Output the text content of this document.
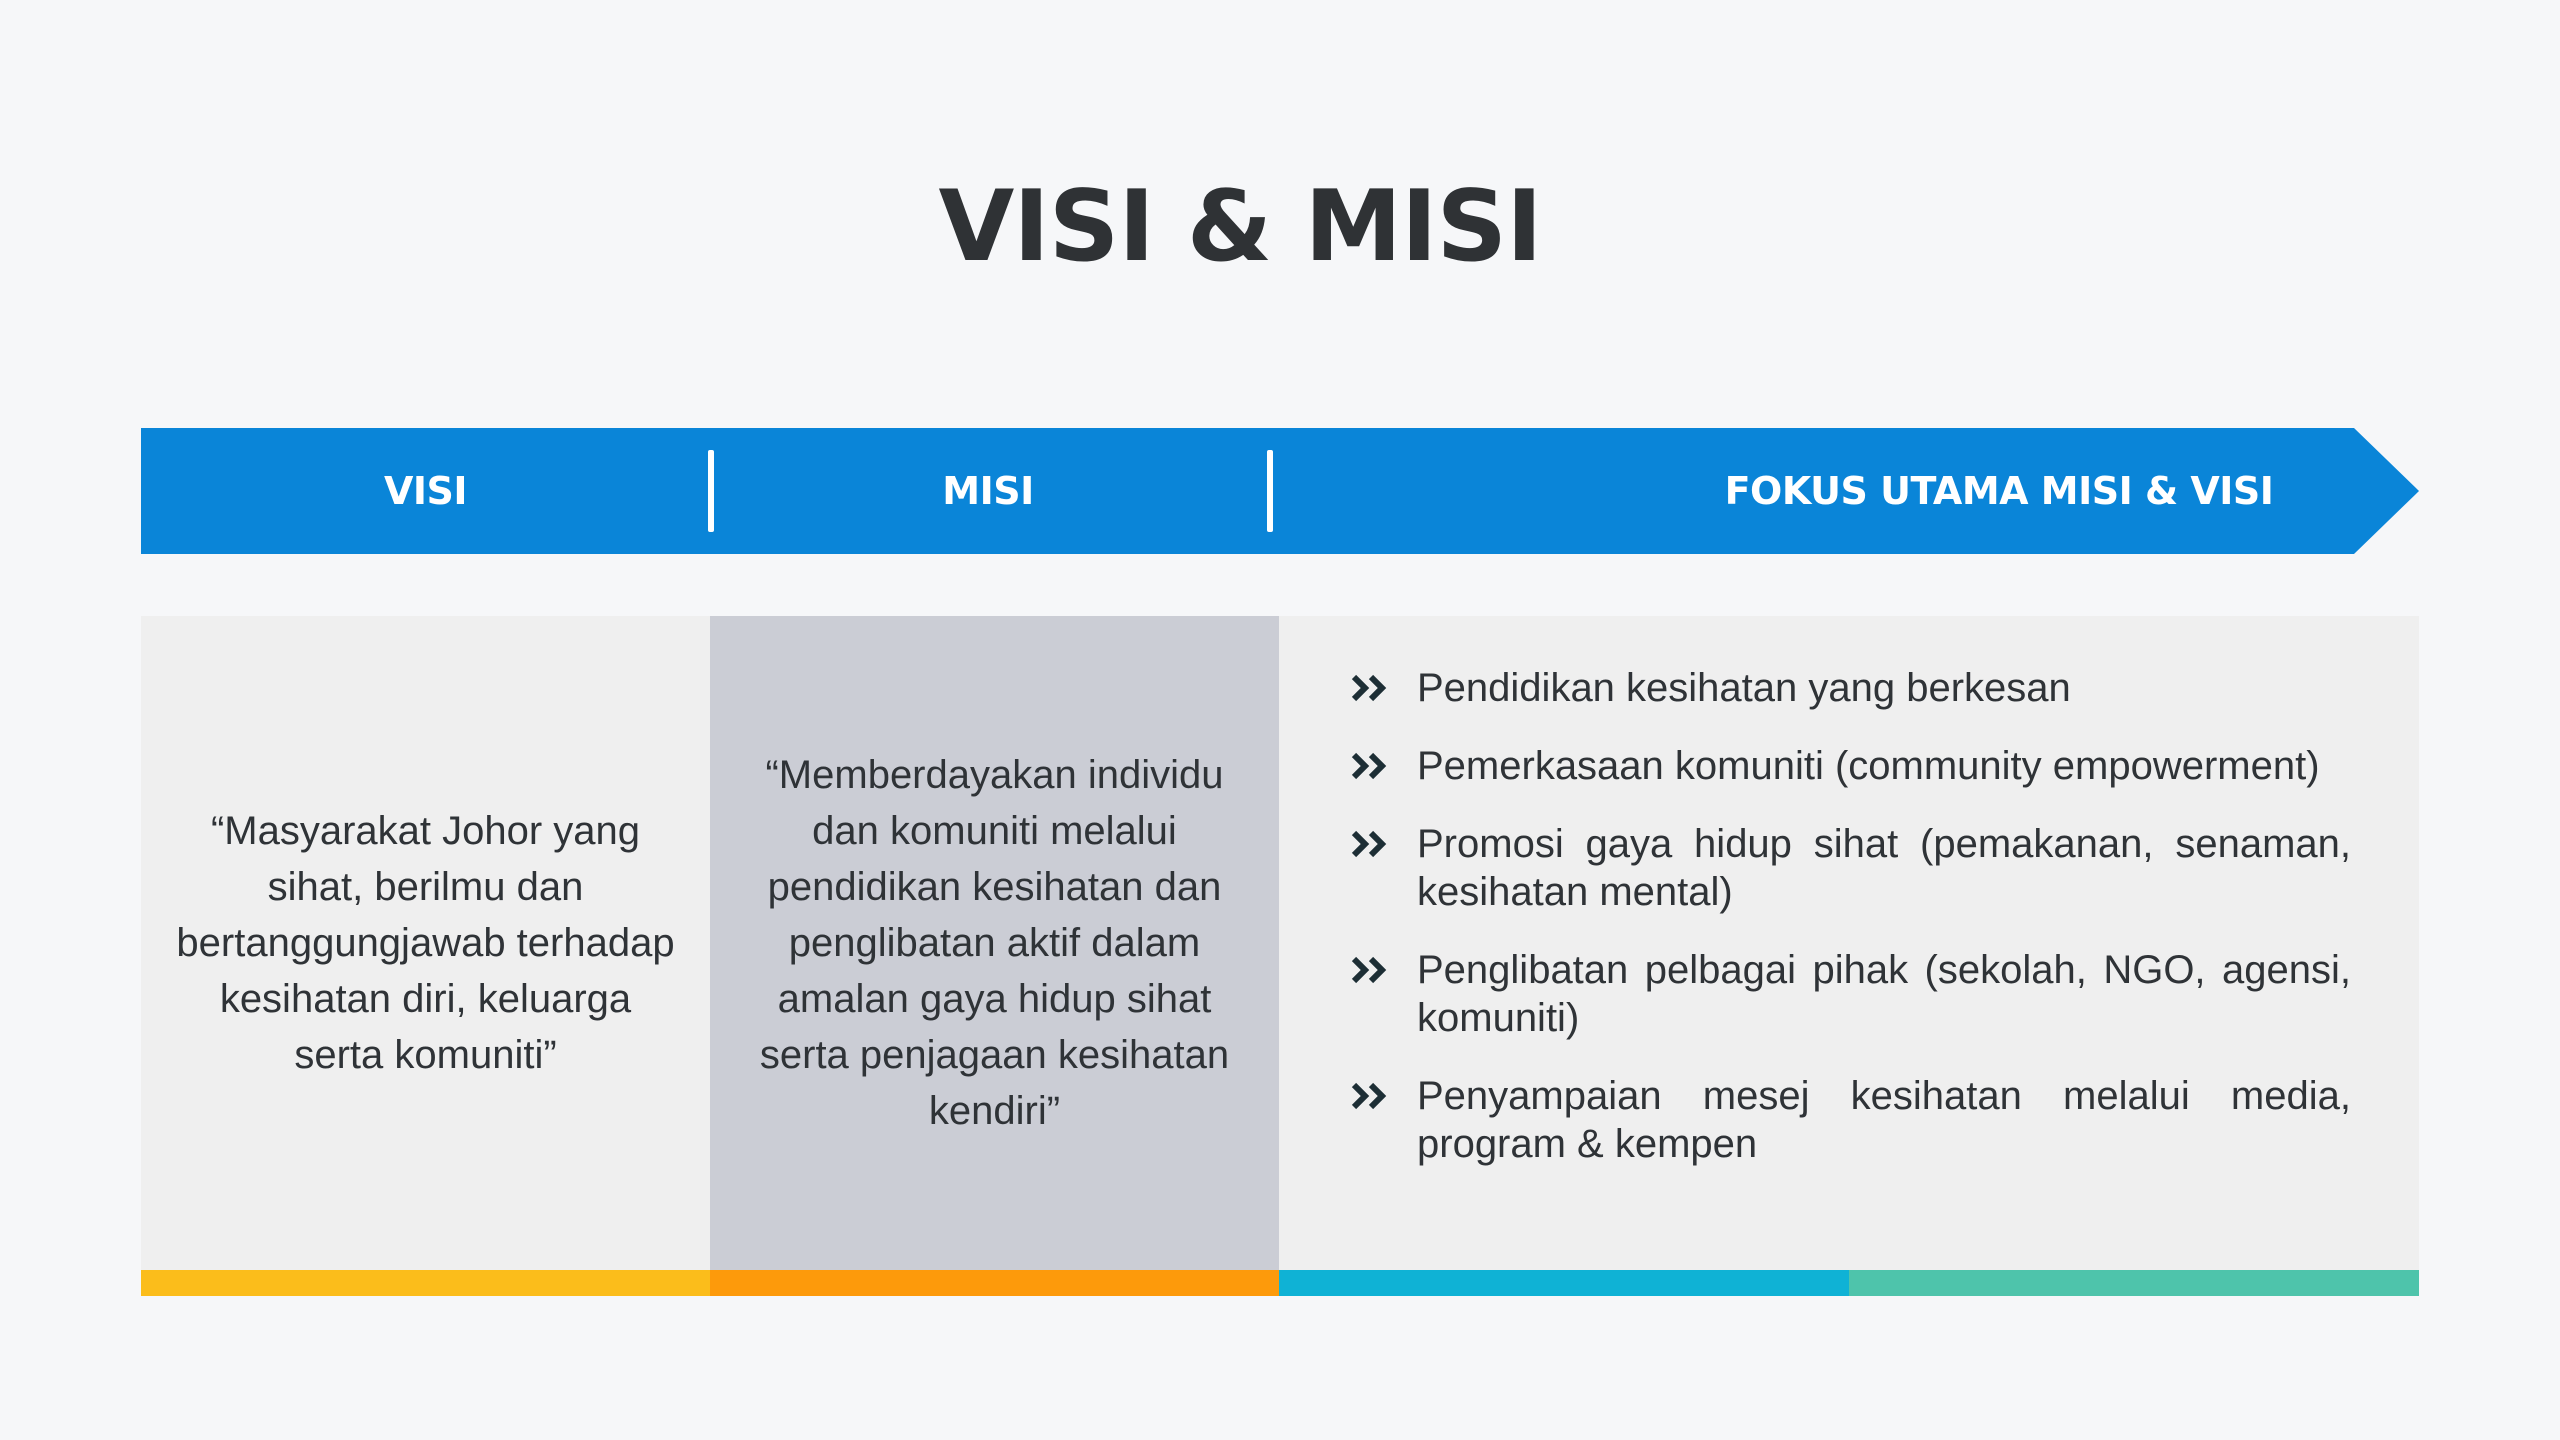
VISI & MISI
VISI	MISI	FOKUS UTAMA MISI & VISI
“Masyarakat Johor yang sihat, berilmu dan bertanggungjawab terhadap kesihatan diri, keluarga serta komuniti”
“Memberdayakan individu dan komuniti melalui pendidikan kesihatan dan penglibatan aktif dalam amalan gaya hidup sihat serta penjagaan kesihatan kendiri”
Pendidikan kesihatan yang berkesan
Pemerkasaan komuniti (community empowerment)
Promosi gaya hidup sihat (pemakanan, senaman, kesihatan mental)
Penglibatan pelbagai pihak (sekolah, NGO, agensi, komuniti)
Penyampaian mesej kesihatan melalui media, program & kempen
